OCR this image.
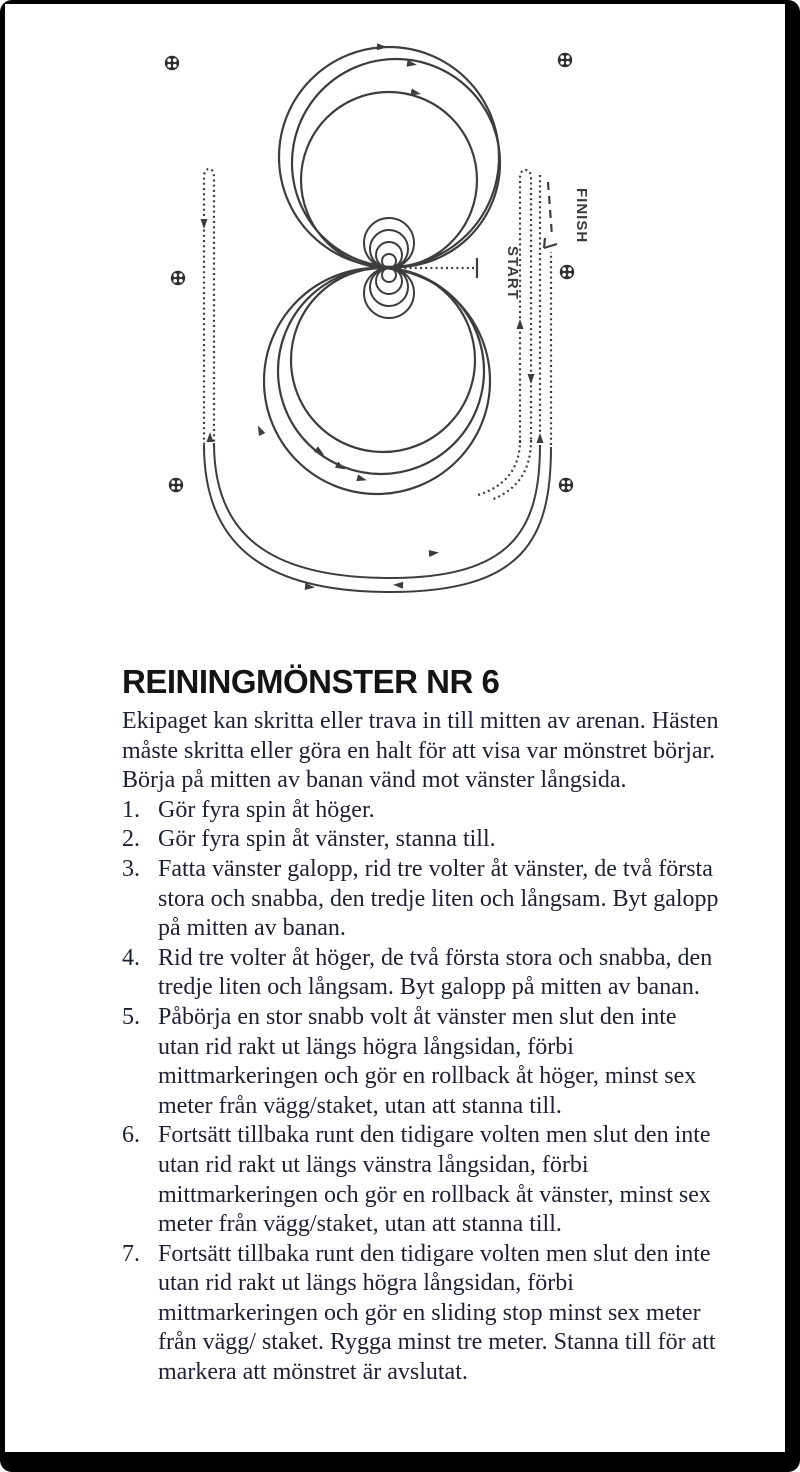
START
FINISH
REININGMÖNSTER NR 6

Ekipaget kan skritta eller trava in till mitten av arenan. Hästen måste skritta eller göra en halt för att visa var mönstret börjar.

Börja på mitten av banan vänd mot vänster långsida.

1. Gör fyra spin åt höger.
2. Gör fyra spin åt vänster, stanna till.
3. Fatta vänster galopp, rid tre volter åt vänster, de två första stora och snabba, den tredje liten och långsam. Byt galopp på mitten av banan.
4. Rid tre volter åt höger, de två första stora och snabba, den tredje liten och långsam. Byt galopp på mitten av banan.
5. Påbörja en stor snabb volt åt vänster men slut den inte utan rid rakt ut längs högra långsidan, förbi mittmarkeringen och gör en rollback åt höger, minst sex meter från vägg/staket, utan att stanna till.
6. Fortsätt tillbaka runt den tidigare volten men slut den inte utan rid rakt ut längs vänstra långsidan, förbi mittmarkeringen och gör en rollback åt vänster, minst sex meter från vägg/staket, utan att stanna till.
7. Fortsätt tillbaka runt den tidigare volten men slut den inte utan rid rakt ut längs högra långsidan, förbi mittmarkeringen och gör en sliding stop minst sex meter från vägg/ staket. Rygga minst tre meter. Stanna till för att markera att mönstret är avslutat.
